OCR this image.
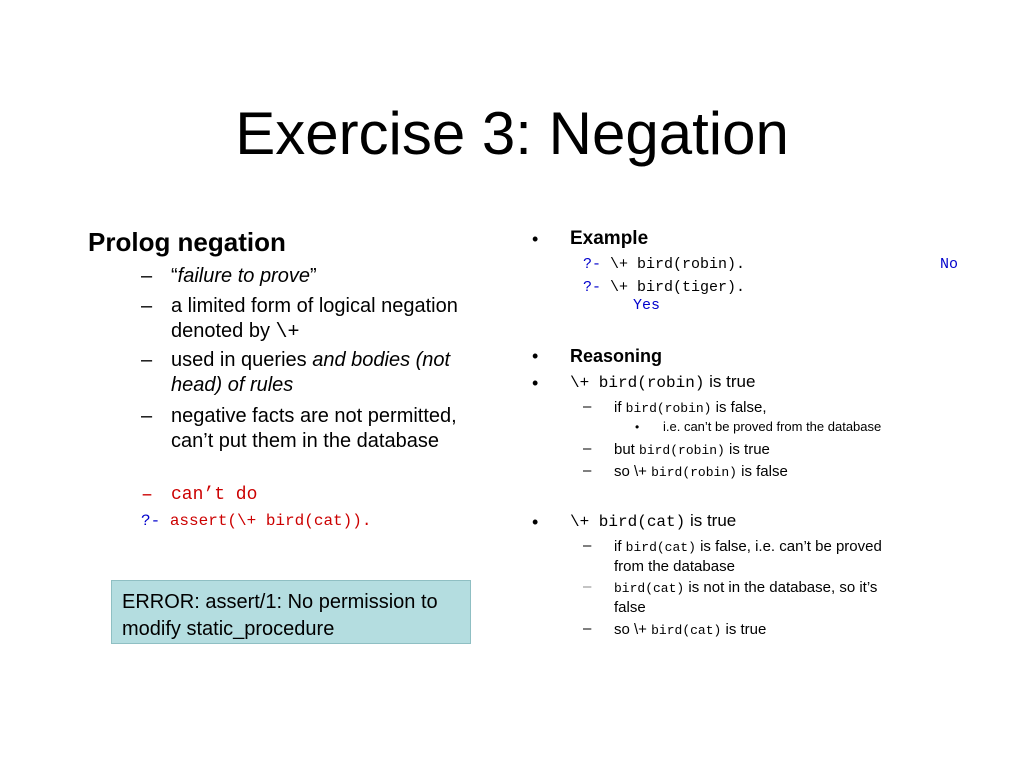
Exercise 3: Negation
Prolog negation
– “failure to prove”
– a limited form of logical negation denoted by \+
– used in queries and bodies (not head) of rules
– negative facts are not permitted, can’t put them in the database
– can’t do
?- assert(\+ bird(cat)).
ERROR: assert/1: No permission to modify static_procedure
• Example
?- \+ bird(robin).	No
?- \+ bird(tiger).
Yes
• Reasoning
• \+ bird(robin) is true
– if bird(robin) is false,
• i.e. can’t be proved from the database
– but bird(robin) is true
– so \+ bird(robin) is false
• \+ bird(cat) is true
– if bird(cat) is false, i.e. can’t be proved
from the database
– bird(cat) is not in the database, so it’s
false
– so \+ bird(cat) is true
